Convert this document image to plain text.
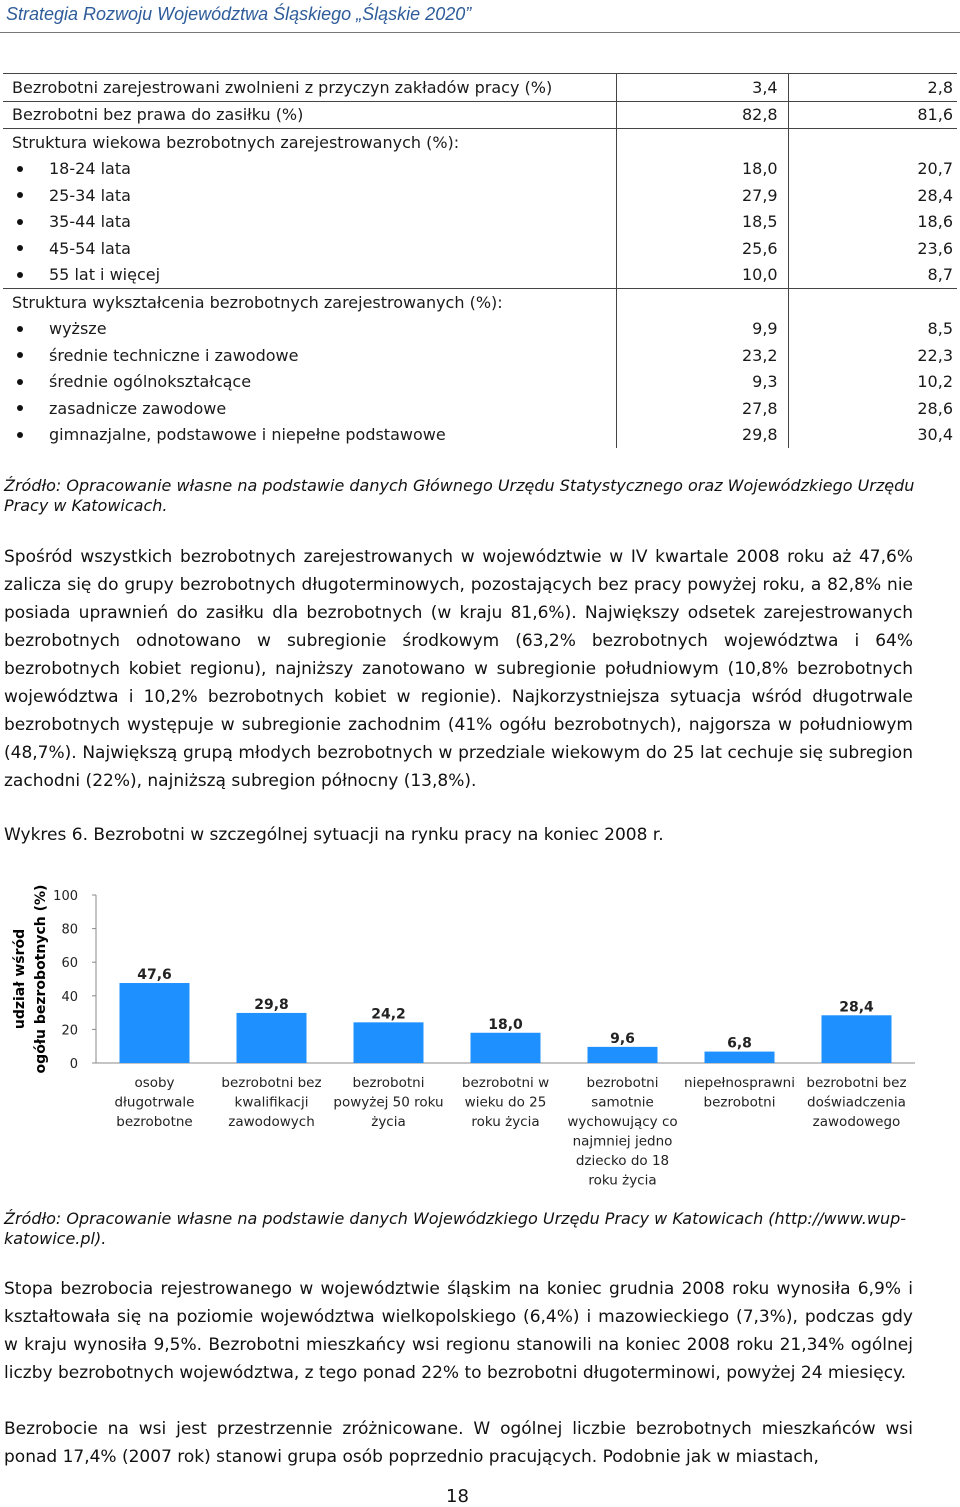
Strategia Rozwoju Województwa Śląskiego „Śląskie 2020”
Bezrobotni zarejestrowani zwolnieni z przyczyn zakładów pracy (%)	3,4	2,8
Bezrobotni bez prawa do zasiłku (%)	82,8	81,6
Struktura wiekowa bezrobotnych zarejestrowanych (%):		
18-24 lata	18,0	20,7
25-34 lata	27,9	28,4
35-44 lata	18,5	18,6
45-54 lata	25,6	23,6
55 lat i więcej	10,0	8,7
Struktura wykształcenia bezrobotnych zarejestrowanych (%):		
wyższe	9,9	8,5
średnie techniczne i zawodowe	23,2	22,3
średnie ogólnokształcące	9,3	10,2
zasadnicze zawodowe	27,8	28,6
gimnazjalne, podstawowe i niepełne podstawowe	29,8	30,4
Źródło: Opracowanie własne na podstawie danych Głównego Urzędu Statystycznego oraz Wojewódzkiego Urzędu Pracy w Katowicach.
Spośród wszystkich bezrobotnych zarejestrowanych w województwie w IV kwartale 2008 roku aż 47,6% zalicza się do grupy bezrobotnych długoterminowych, pozostających bez pracy powyżej roku, a 82,8% nie posiada uprawnień do zasiłku dla bezrobotnych (w kraju 81,6%). Największy odsetek zarejestrowanych bezrobotnych odnotowano w subregionie środkowym (63,2% bezrobotnych województwa i 64% bezrobotnych kobiet regionu), najniższy zanotowano w subregionie południowym (10,8% bezrobotnych województwa i 10,2% bezrobotnych kobiet w regionie). Najkorzystniejsza sytuacja wśród długotrwale bezrobotnych występuje w subregionie zachodnim (41% ogółu bezrobotnych), najgorsza w południowym (48,7%). Największą grupą młodych bezrobotnych w przedziale wiekowym do 25 lat cechuje się subregion zachodni (22%), najniższą subregion północny (13,8%).
Wykres 6. Bezrobotni w szczególnej sytuacji na rynku pracy na koniec 2008 r.
udział wśród ogółu bezrobotnych (%) 0
20
40
60
80
100
47,6
29,8
24,2
18,0
9,6	6,8
28,4
osoby
długotrwale
bezrobotne
bezrobotni bez
kwalifikacji
zawodowych
bezrobotni
powyżej 50 roku
życia
bezrobotni w
wieku do 25
roku życia
bezrobotni
samotnie
wychowujący co
najmniej jedno
dziecko do 18
roku życia
niepełnosprawni
bezrobotni
bezrobotni bez
doświadczenia
zawodowego
Źródło: Opracowanie własne na podstawie danych Wojewódzkiego Urzędu Pracy w Katowicach (http://www.wup-katowice.pl).
Stopa bezrobocia rejestrowanego w województwie śląskim na koniec grudnia 2008 roku wynosiła 6,9% i kształtowała się na poziomie województwa wielkopolskiego (6,4%) i mazowieckiego (7,3%), podczas gdy w kraju wynosiła 9,5%. Bezrobotni mieszkańcy wsi regionu stanowili na koniec 2008 roku 21,34% ogólnej liczby bezrobotnych województwa, z tego ponad 22% to bezrobotni długoterminowi, powyżej 24 miesięcy.
Bezrobocie na wsi jest przestrzennie zróżnicowane. W ogólnej liczbie bezrobotnych mieszkańców wsi ponad 17,4% (2007 rok) stanowi grupa osób poprzednio pracujących. Podobnie jak w miastach,
18
